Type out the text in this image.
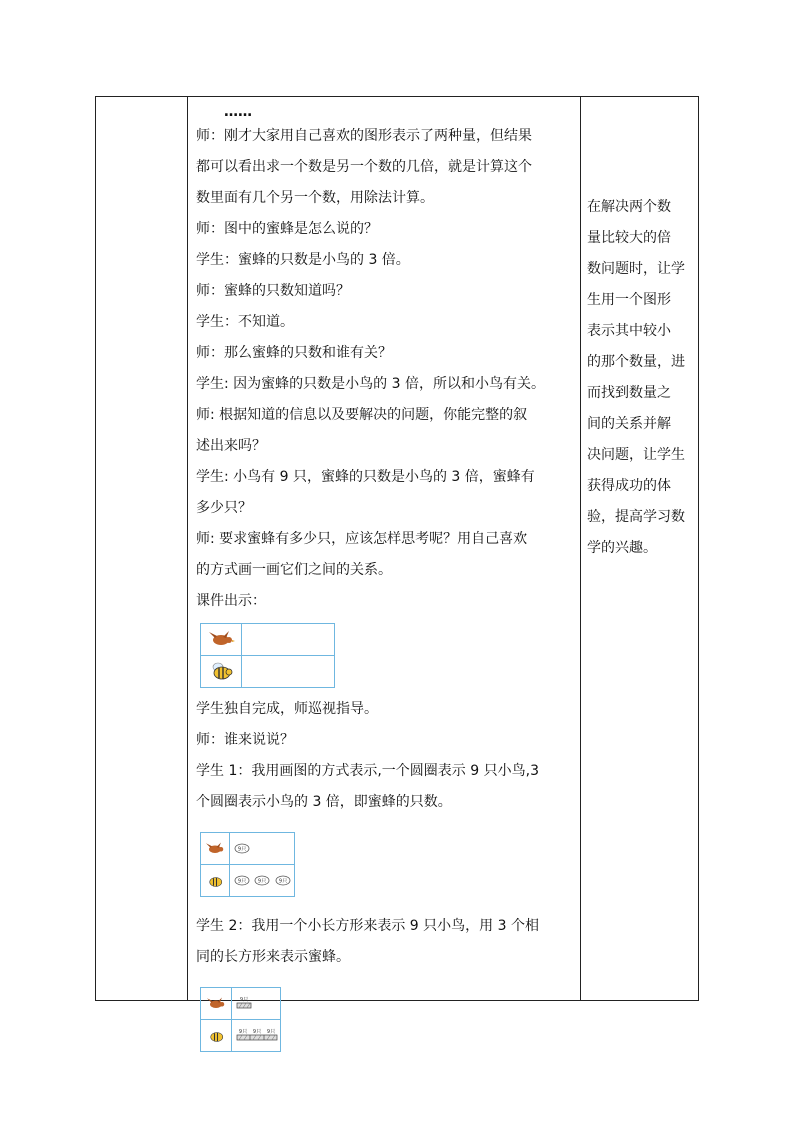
……

师：刚才大家用自己喜欢的图形表示了两种量，但结果

都可以看出求一个数是另一个数的几倍，就是计算这个

数里面有几个另一个数，用除法计算。

师：图中的蜜蜂是怎么说的？

学生：蜜蜂的只数是小鸟的 3 倍。

师：蜜蜂的只数知道吗？

学生：不知道。

师：那么蜜蜂的只数和谁有关？

学生: 因为蜜蜂的只数是小鸟的 3 倍，所以和小鸟有关。

师: 根据知道的信息以及要解决的问题，你能完整的叙

述出来吗？

学生: 小鸟有 9 只，蜜蜂的只数是小鸟的 3 倍，蜜蜂有

多少只？

师: 要求蜜蜂有多少只，应该怎样思考呢？用自己喜欢

的方式画一画它们之间的关系。

课件出示：

学生独自完成，师巡视指导。

师：谁来说说？

学生 1：我用画图的方式表示,一个圆圈表示 9 只小鸟,3

个圆圈表示小鸟的 3 倍，即蜜蜂的只数。

9只

9只
9只
9只

学生 2：我用一个小长方形来表示 9 只小鸟，用 3 个相

同的长方形来表示蜜蜂。

9只

9只 9只 9只

在解决两个数

量比较大的倍

数问题时，让学

生用一个图形

表示其中较小

的那个数量，进

而找到数量之

间的关系并解

决问题，让学生

获得成功的体

验，提高学习数

学的兴趣。
